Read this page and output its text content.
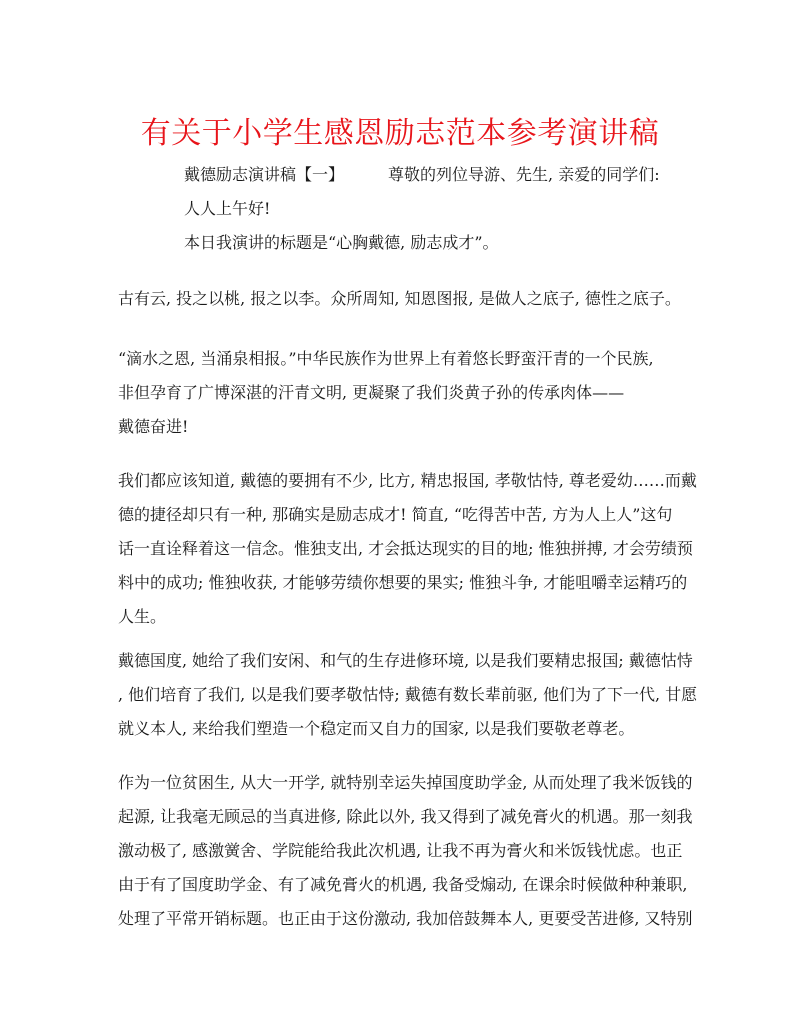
有关于小学生感恩励志范本参考演讲稿
戴德励志演讲稿【一】	尊敬的列位导游、先生, 亲爱的同学们:
人人上午好!
本日我演讲的标题是“心胸戴德, 励志成才”。
古有云, 投之以桃, 报之以李。众所周知, 知恩图报, 是做人之底子, 德性之底子。
“滴水之恩, 当涌泉相报。”中华民族作为世界上有着悠长野蛮汗青的一个民族,
非但孕育了广博深湛的汗青文明, 更凝聚了我们炎黄子孙的传承肉体——
戴德奋进!
我们都应该知道, 戴德的要拥有不少, 比方, 精忠报国, 孝敬怙恃, 尊老爱幼……而戴
德的捷径却只有一种, 那确实是励志成才! 简直, “吃得苦中苦, 方为人上人”这句
话一直诠释着这一信念。惟独支出, 才会抵达现实的目的地; 惟独拼搏, 才会劳绩预
料中的成功; 惟独收获, 才能够劳绩你想要的果实; 惟独斗争, 才能咀嚼幸运精巧的
人生。
戴德国度, 她给了我们安闲、和气的生存进修环境, 以是我们要精忠报国; 戴德怙恃
, 他们培育了我们, 以是我们要孝敬怙恃; 戴德有数长辈前驱, 他们为了下一代, 甘愿
就义本人, 来给我们塑造一个稳定而又自力的国家, 以是我们要敬老尊老。
作为一位贫困生, 从大一开学, 就特别幸运失掉国度助学金, 从而处理了我米饭钱的
起源, 让我毫无顾忌的当真进修, 除此以外, 我又得到了减免膏火的机遇。那一刻我
激动极了, 感激黉舍、学院能给我此次机遇, 让我不再为膏火和米饭钱忧虑。也正
由于有了国度助学金、有了减免膏火的机遇, 我备受煽动, 在课余时候做种种兼职,
处理了平常开销标题。也正由于这份激动, 我加倍鼓舞本人, 更要受苦进修, 又特别
